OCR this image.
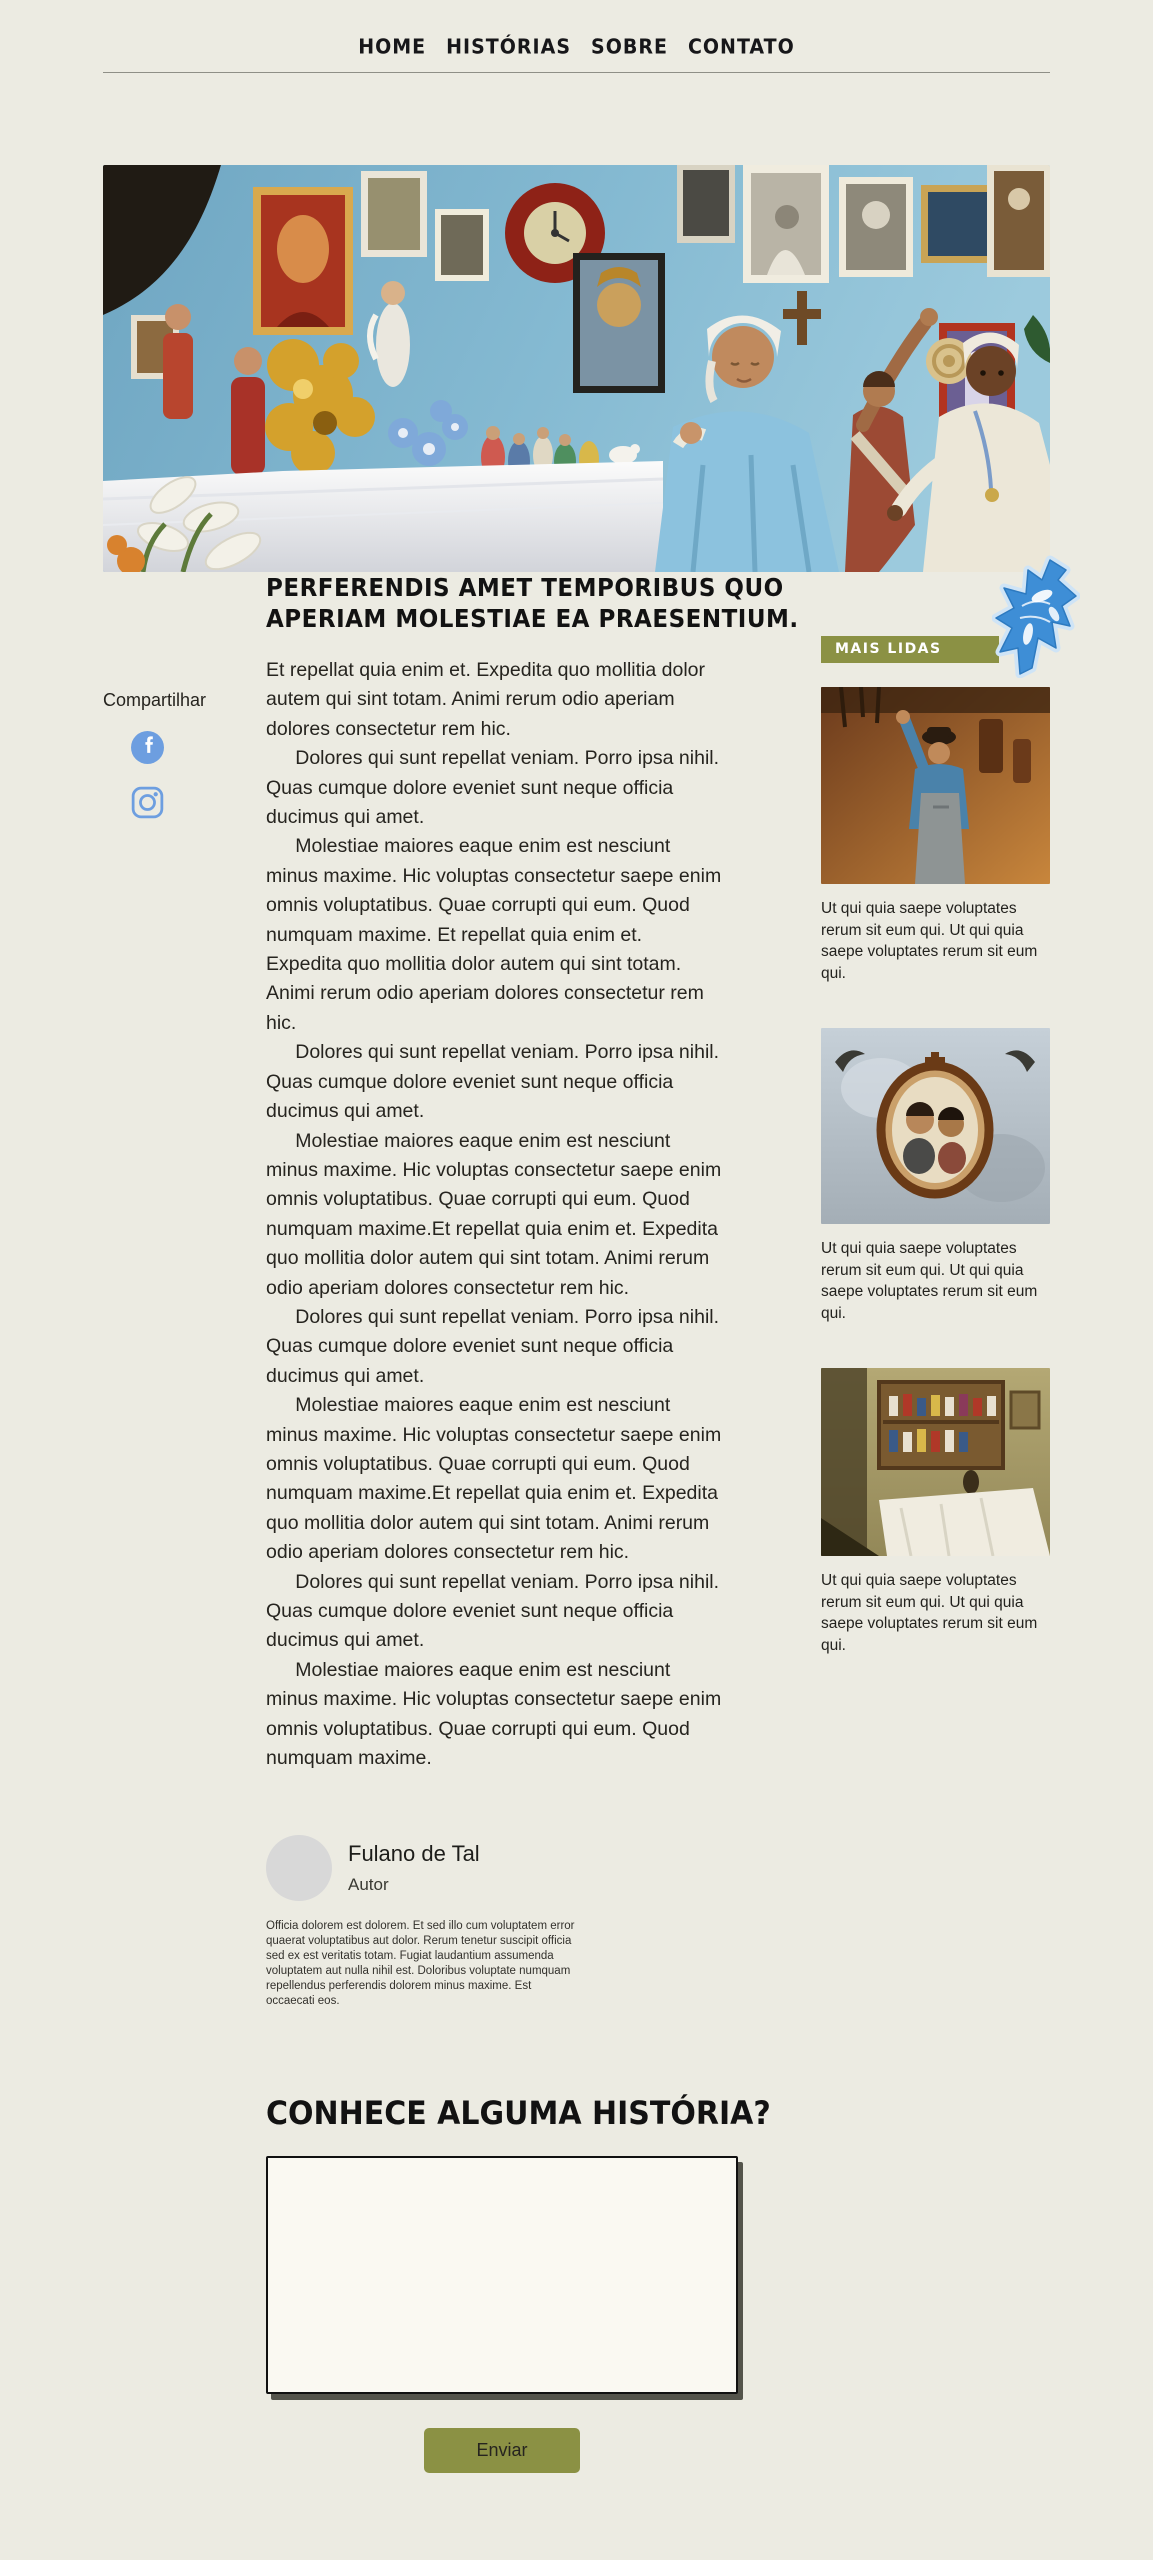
HOME HISTÓRIAS SOBRE CONTATO
Compartilhar
PERFERENDIS AMET TEMPORIBUS QUO
APERIAM MOLESTIAE EA PRAESENTIUM.

Et repellat quia enim et. Expedita quo mollitia dolor autem qui sint totam. Animi rerum odio aperiam dolores consectetur rem hic.

Dolores qui sunt repellat veniam. Porro ipsa nihil. Quas cumque dolore eveniet sunt neque officia ducimus qui amet.

Molestiae maiores eaque enim est nesciunt minus maxime. Hic voluptas consectetur saepe enim omnis voluptatibus. Quae corrupti qui eum. Quod numquam maxime. Et repellat quia enim et. Expedita quo mollitia dolor autem qui sint totam. Animi rerum odio aperiam dolores consectetur rem hic.

Dolores qui sunt repellat veniam. Porro ipsa nihil. Quas cumque dolore eveniet sunt neque officia ducimus qui amet.

Molestiae maiores eaque enim est nesciunt minus maxime. Hic voluptas consectetur saepe enim omnis voluptatibus. Quae corrupti qui eum. Quod numquam maxime.Et repellat quia enim et. Expedita quo mollitia dolor autem qui sint totam. Animi rerum odio aperiam dolores consectetur rem hic.

Dolores qui sunt repellat veniam. Porro ipsa nihil. Quas cumque dolore eveniet sunt neque officia ducimus qui amet.

Molestiae maiores eaque enim est nesciunt minus maxime. Hic voluptas consectetur saepe enim omnis voluptatibus. Quae corrupti qui eum. Quod numquam maxime.Et repellat quia enim et. Expedita quo mollitia dolor autem qui sint totam. Animi rerum odio aperiam dolores consectetur rem hic.

Dolores qui sunt repellat veniam. Porro ipsa nihil. Quas cumque dolore eveniet sunt neque officia ducimus qui amet.

Molestiae maiores eaque enim est nesciunt minus maxime. Hic voluptas consectetur saepe enim omnis voluptatibus. Quae corrupti qui eum. Quod numquam maxime.

Fulano de Tal
Autor

Officia dolorem est dolorem. Et sed illo cum voluptatem error quaerat voluptatibus aut dolor. Rerum tenetur suscipit officia sed ex est veritatis totam. Fugiat laudantium assumenda voluptatem aut nulla nihil est. Doloribus voluptate numquam repellendus perferendis dolorem minus maxime. Est occaecati eos.

CONHECE ALGUMA HISTÓRIA?
Enviar
MAIS LIDAS

Ut qui quia saepe voluptates rerum sit eum qui. Ut qui quia saepe voluptates rerum sit eum qui.

Ut qui quia saepe voluptates rerum sit eum qui. Ut qui quia saepe voluptates rerum sit eum qui.

Ut qui quia saepe voluptates rerum sit eum qui. Ut qui quia saepe voluptates rerum sit eum qui.
